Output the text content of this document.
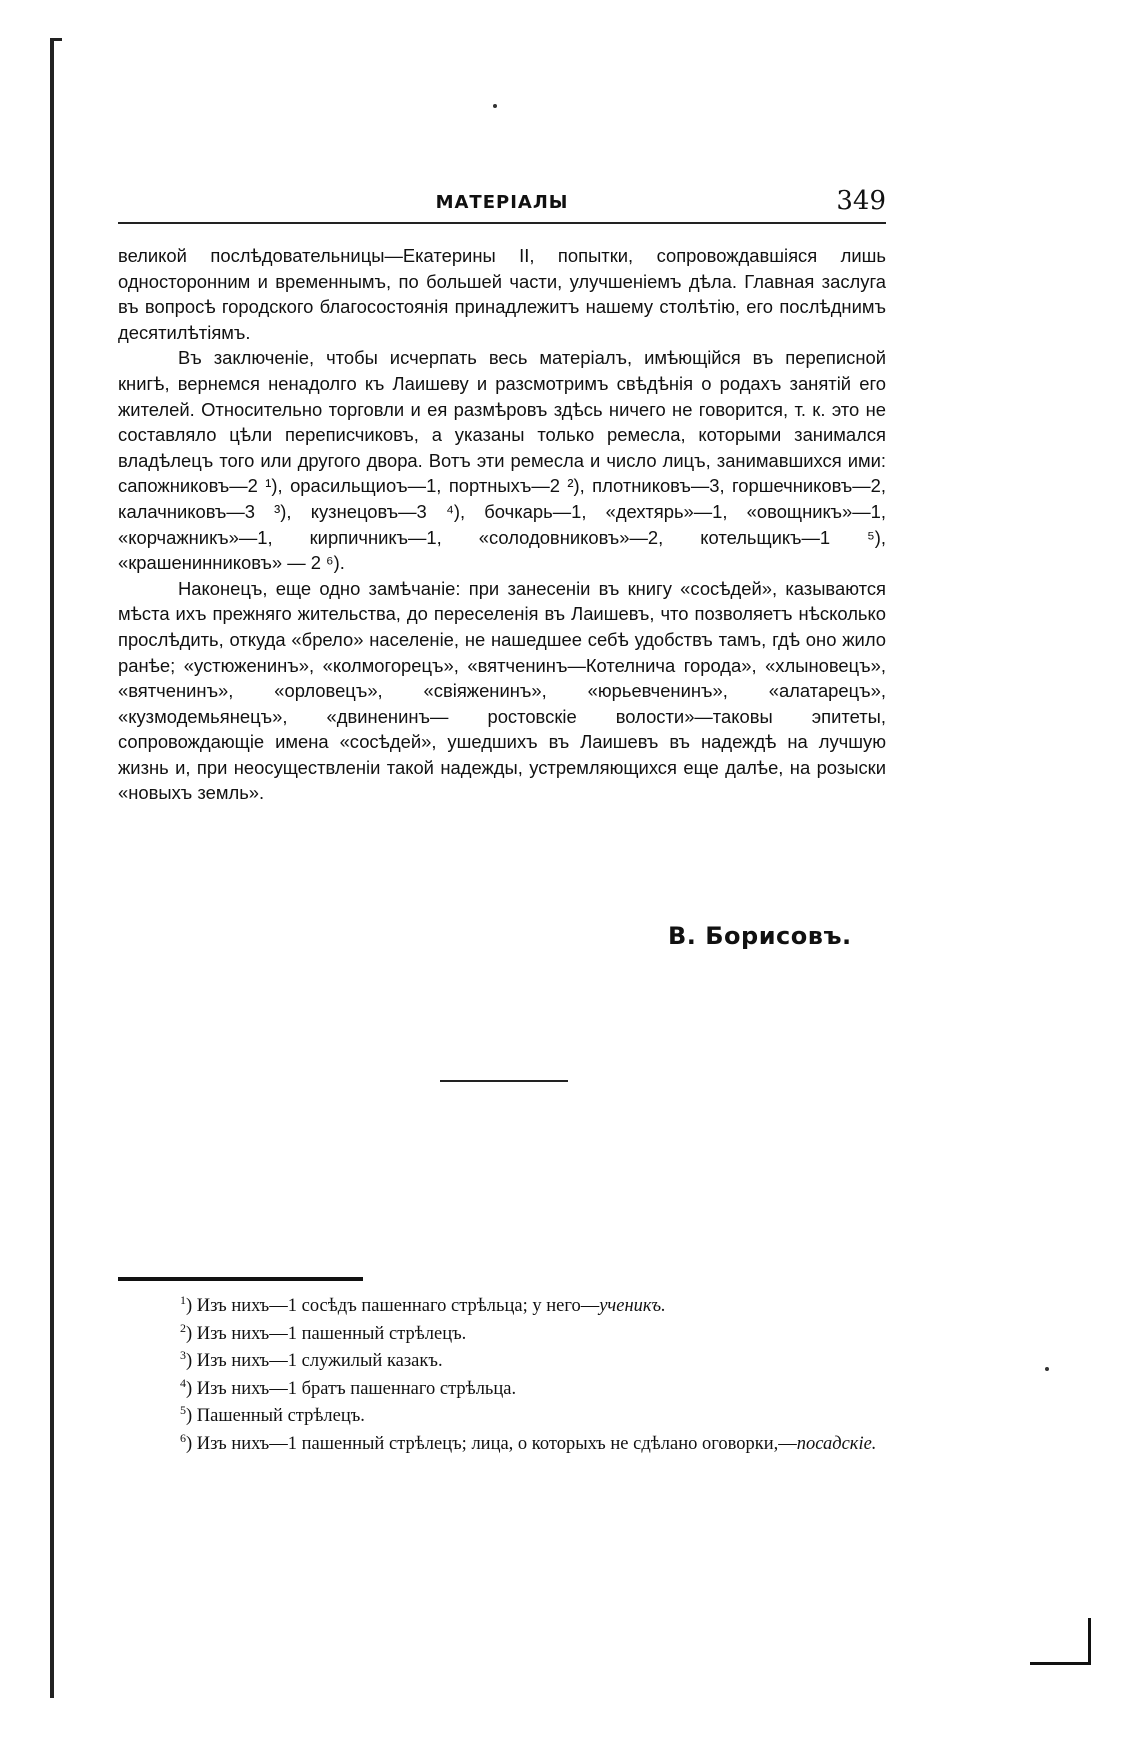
МАТЕРІАЛЫ	349

великой послѣдовательницы—Екатерины II, попытки, сопровождавшіяся лишь односторонним и временнымъ, по большей части, улучшеніемъ дѣла. Главная заслуга въ вопросѣ городского благосостоянія принадлежитъ нашему столѣтію, его послѣднимъ десятилѣтіямъ.

Въ заключеніе, чтобы исчерпать весь матеріалъ, имѣющійся въ переписной книгѣ, вернемся ненадолго къ Лаишеву и разсмотримъ свѣдѣнія о родахъ занятій его жителей. Относительно торговли и ея размѣровъ здѣсь ничего не говорится, т. к. это не составляло цѣли переписчиковъ, а указаны только ремесла, которыми занимался владѣлецъ того или другого двора. Вотъ эти ремесла и число лицъ, занимавшихся ими: сапожниковъ—2 ¹), орасильщиоъ—1, портныхъ—2 ²), плотниковъ—3, горшечниковъ—2, калачниковъ—3 ³), кузнецовъ—3 ⁴), бочкарь—1, «дехтярь»—1, «овощникъ»—1, «корчажникъ»—1, кирпичникъ—1, «солодовниковъ»—2, котельщикъ—1 ⁵), «крашенинниковъ» — 2 ⁶).

Наконецъ, еще одно замѣчаніе: при занесеніи въ книгу «сосѣдей», казываются мѣста ихъ прежняго жительства, до переселенія въ Лаишевъ, что позволяетъ нѣсколько прослѣдить, откуда «брело» населеніе, не нашедшее себѣ удобствъ тамъ, гдѣ оно жило ранѣе; «устюженинъ», «колмогорецъ», «вятчeнинъ—Котелнича города», «хлыновецъ», «вятченинъ», «орловецъ», «свіяженинъ», «юрьевченинъ», «алатарецъ», «кузмодемьянецъ», «двиненинъ— ростовскіе волости»—таковы эпитеты, сопровождающіе имена «сосѣдей», ушедшихъ въ Лаишевъ въ надеждѣ на лучшую жизнь и, при неосуществленіи такой надежды, устремляющихся еще далѣе, на розыски «новыхъ земль».

В. Борисовъ.
$^1$) Изъ нихъ—1 сосѣдъ пашеннаго стрѣльца; у него—ученикъ.
$^2$) Изъ нихъ—1 пашенный стрѣлецъ.
$^3$) Изъ нихъ—1 служилый казакъ.
$^4$) Изъ нихъ—1 братъ пашеннаго стрѣльца.
$^5$) Пашенный стрѣлецъ.
$^6$) Изъ нихъ—1 пашенный стрѣлецъ; лица, о которыхъ не сдѣлано оговорки,—посадскіе.
